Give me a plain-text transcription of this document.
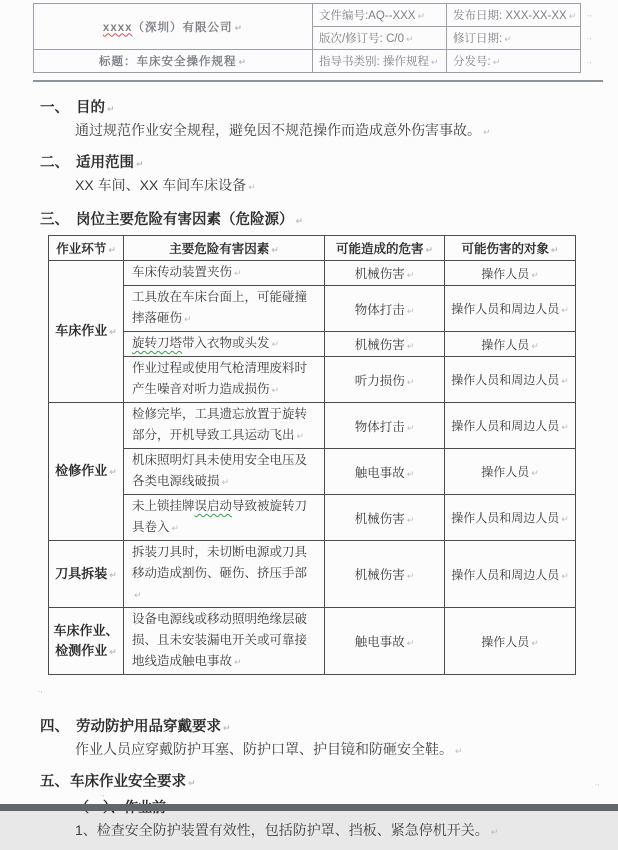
xxxx（深圳）有限公司 ↵	文件编号:AQ--XXX ↵	发布日期: XXX-XX-XX ↵
	版次/修订号: C/0 ↵	修订日期: ↵
标题：车床安全操作规程 ↵	指导书类别: 操作规程 ↵	分发号: ↵
.,
.,
.,
一、 目的 ↵

通过规范作业安全规程，避免因不规范操作而造成意外伤害事故。 ↵

二、 适用范围 ↵

XX 车间、XX 车间车床设备 ↵

三、 岗位主要危险有害因素（危险源） ↵
作业环节 ↵	主要危险有害因素 ↵	可能造成的危害 ↵	可能伤害的对象 ↵
车床作业 ↵	车床传动装置夹伤 ↵	机械伤害 ↵	操作人员 ↵
	工具放在车床台面上，可能碰撞摔落砸伤 ↵	物体打击 ↵	操作人员和周边人员 ↵
	旋转刀塔带入衣物或头发 ↵	机械伤害 ↵	操作人员 ↵
	作业过程或使用气枪清理废料时产生噪音对听力造成损伤 ↵	听力损伤 ↵	操作人员和周边人员 ↵
检修作业 ↵	检修完毕，工具遗忘放置于旋转部分，开机导致工具运动飞出 ↵	物体打击 ↵	操作人员和周边人员 ↵
	机床照明灯具未使用安全电压及各类电源线破损 ↵	触电事故 ↵	操作人员 ↵
	未上锁挂牌误启动导致被旋转刀具卷入 ↵	机械伤害 ↵	操作人员和周边人员 ↵
刀具拆装 ↵	拆装刀具时，未切断电源或刀具移动造成割伤、砸伤、挤压手部↵	机械伤害 ↵	操作人员和周边人员 ↵
车床作业、检测作业 ↵	设备电源线或移动照明绝缘层破损、且未安装漏电开关或可靠接地线造成触电事故 ↵	触电事故 ↵	操作人员 ↵
$_{.,}$
四、 劳动防护用品穿戴要求 ↵

作业人员应穿戴防护耳塞、防护口罩、护目镜和防砸安全鞋。 ↵

五、车床作业安全要求 ↵

1、检查安全防护装置有效性，包括防护罩、挡板、紧急停机开关。 ↵

.,
.,
